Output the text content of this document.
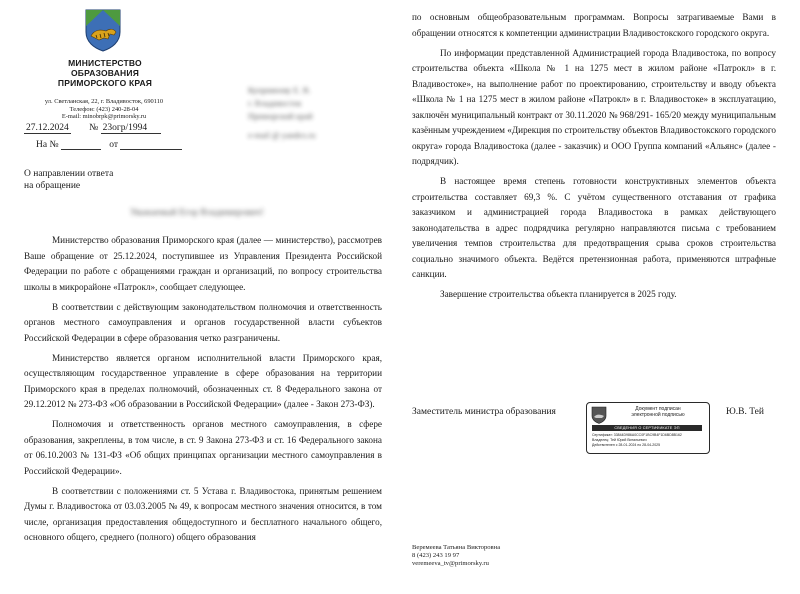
МИНИСТЕРСТВО
ОБРАЗОВАНИЯ
ПРИМОРСКОГО КРАЯ
ул. Светланская, 22, г. Владивосток, 690110
Телефон: (423) 240-28-04
E-mail: minobrpk@primorsky.ru
27.12.2024 № 23огр/1994
На №	от
О направлении ответа
на обращение
Куприянову Е. В.
г. Владивосток
Приморский край
e-mail @ yandex.ru
Уважаемый Егор Владимирович!

Министерство образования Приморского края (далее — министерство), рассмотрев Ваше обращение от 25.12.2024, поступившее из Управления Президента Российской Федерации по работе с обращениями граждан и организаций, по вопросу строительства школы в микрорайоне «Патрокл», сообщает следующее.

В соответствии с действующим законодательством полномочия и ответственность органов местного самоуправления и органов государственной власти субъектов Российской Федерации в сфере образования четко разграничены.

Министерство является органом исполнительной власти Приморского края, осуществляющим государственное управление в сфере образования на территории Приморского края в пределах полномочий, обозначенных ст. 8 Федерального закона от 29.12.2012 № 273-ФЗ «Об образовании в Российской Федерации» (далее - Закон 273-ФЗ).

Полномочия и ответственность органов местного самоуправления, в сфере образования, закреплены, в том числе, в ст. 9 Закона 273-ФЗ и ст. 16 Федерального закона от 06.10.2003 № 131-ФЗ «Об общих принципах организации местного самоуправления в Российской Федерации».

В соответствии с положениями ст. 5 Устава г. Владивостока, принятым решением Думы г. Владивостока от 03.03.2005 № 49, к вопросам местного значения относится, в том числе, организация предоставления общедоступного и бесплатного начального общего, основного общего, среднего (полного) общего образования

по основным общеобразовательным программам. Вопросы затрагиваемые Вами в обращении относятся к компетенции администрации Владивостокского городского округа.

По информации представленной Администрацией города Владивостока, по вопросу строительства объекта «Школа № 1 на 1275 мест в жилом районе «Патрокл» в г. Владивостоке», на выполнение работ по проектированию, строительству и вводу объекта «Школа № 1 на 1275 мест в жилом районе «Патрокл» в г. Владивостоке» в эксплуатацию, заключён муниципальный контракт от 30.11.2020 № 968/291- 165/20 между муниципальным казённым учреждением «Дирекция по строительству объектов Владивостокского городского округа» города Владивостока (далее - заказчик) и ООО Группа компаний «Альянс» (далее - подрядчик).

В настоящее время степень готовности конструктивных элементов объекта строительства составляет 69,3 %. С учётом существенного отставания от графика заказчиком и администрацией города Владивостока в рамках действующего законодательства в адрес подрядчика регулярно направляются письма с требованием увеличения темпов строительства для предотвращения срыва сроков строительства социально значимого объекта. Ведётся претензионная работа, применяются штрафные санкции.

Завершение строительства объекта планируется в 2025 году.

Заместитель министра образования	Документ подписан
электронной подписью
СВЕДЕНИЯ О СЕРТИФИКАТЕ ЭП
Сертификат: 33844D986A0CC0F1BC9B4F1D6BD8B162
Владелец: Тей Юрий Витальевич
Действителен с 28-01-2024 по 28-04-2025
Ю.В. Тей
Веремеева Татьяна Викторовна
8 (423) 243 19 97
veremeeva_tv@primorsky.ru
